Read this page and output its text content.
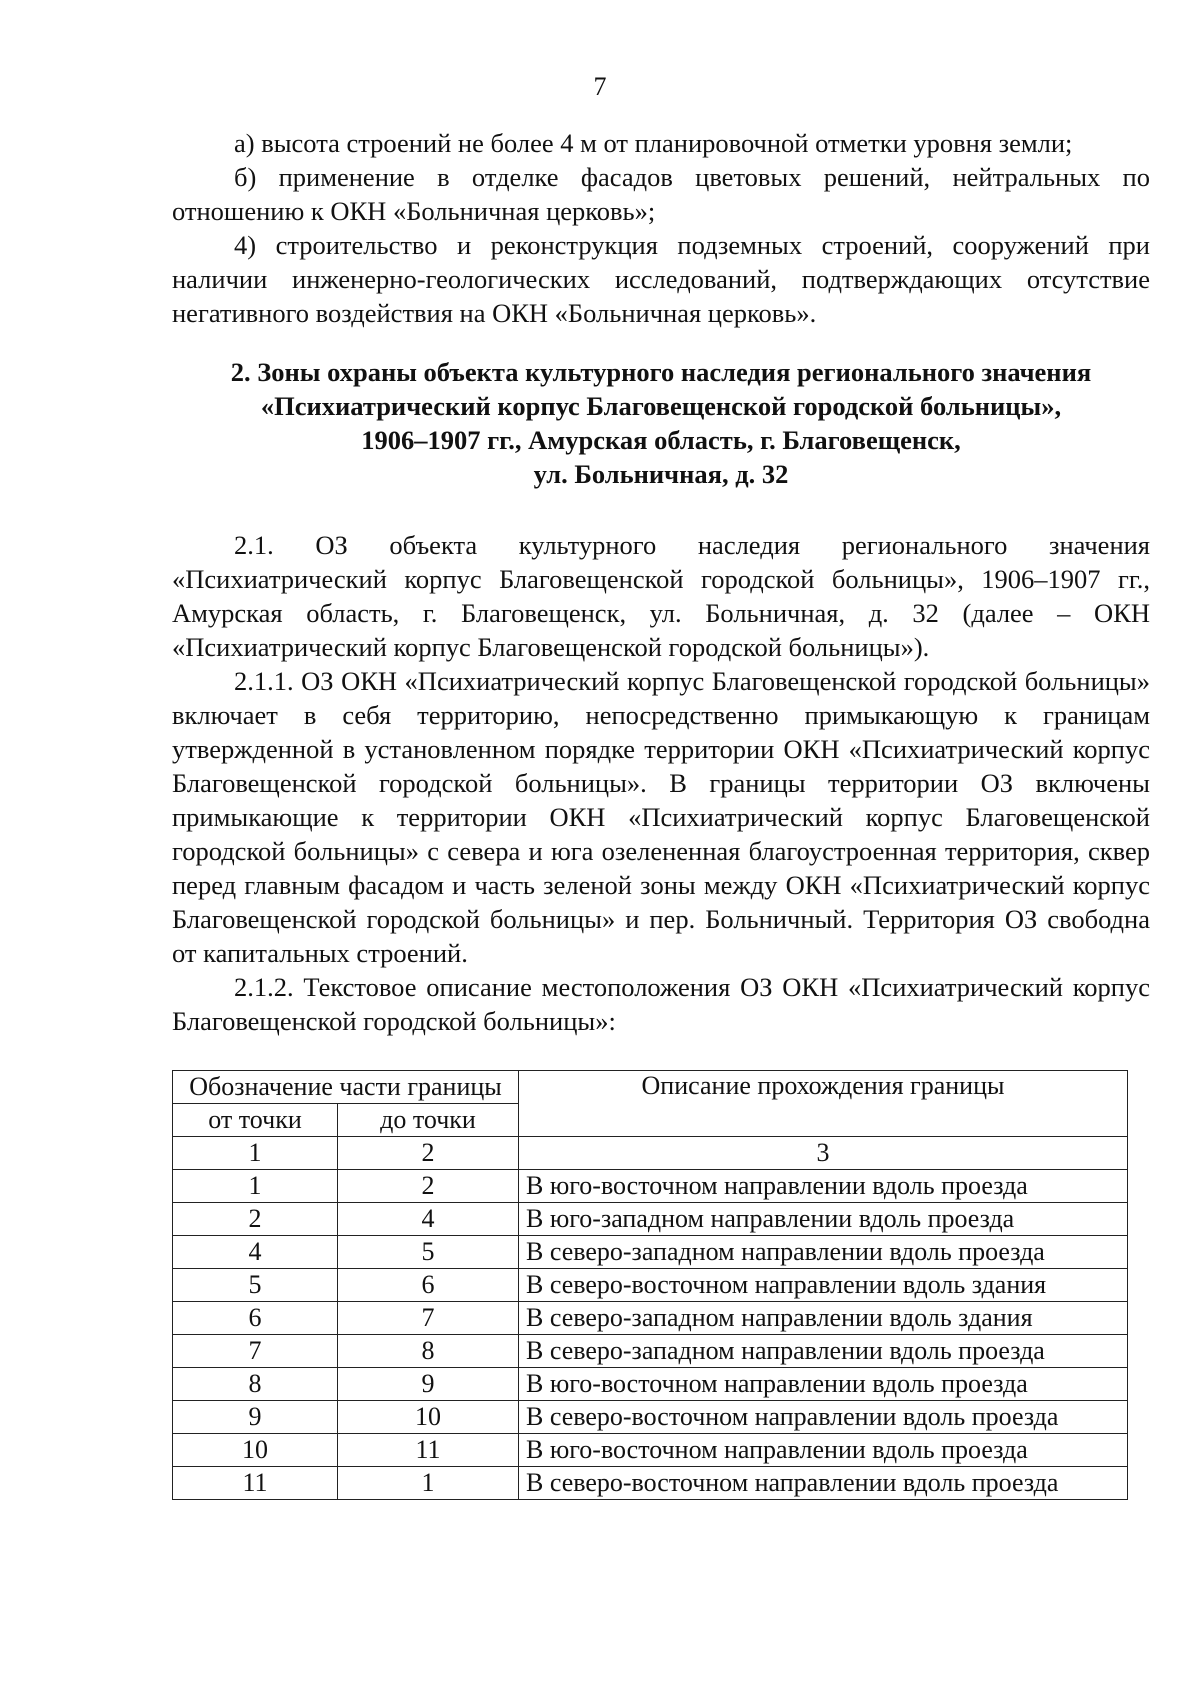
7

а) высота строений не более 4 м от планировочной отметки уровня земли;

б) применение в отделке фасадов цветовых решений, нейтральных по отношению к ОКН «Больничная церковь»;

4) строительство и реконструкция подземных строений, сооружений при наличии инженерно-геологических исследований, подтверждающих отсутствие негативного воздействия на ОКН «Больничная церковь».

2. Зоны охраны объекта культурного наследия регионального значения
«Психиатрический корпус Благовещенской городской больницы»,
1906–1907 гг., Амурская область, г. Благовещенск,
ул. Больничная, д. 32

2.1. ОЗ объекта культурного наследия регионального значения «Психиатрический корпус Благовещенской городской больницы», 1906–1907 гг., Амурская область, г. Благовещенск, ул. Больничная, д. 32 (далее – ОКН «Психиатрический корпус Благовещенской городской больницы»).

2.1.1. ОЗ ОКН «Психиатрический корпус Благовещенской городской больницы» включает в себя территорию, непосредственно примыкающую к границам утвержденной в установленном порядке территории ОКН «Психиатрический корпус Благовещенской городской больницы». В границы территории ОЗ включены примыкающие к территории ОКН «Психиатрический корпус Благовещенской городской больницы» с севера и юга озелененная благоустроенная территория, сквер перед главным фасадом и часть зеленой зоны между ОКН «Психиатрический корпус Благовещенской городской больницы» и пер. Больничный. Территория ОЗ свободна от капитальных строений.

2.1.2. Текстовое описание местоположения ОЗ ОКН «Психиатрический корпус Благовещенской городской больницы»:

Обозначение части границы		Описание прохождения границы
от точки	до точки	
1	2	3
1	2	В юго-восточном направлении вдоль проезда
2	4	В юго-западном направлении вдоль проезда
4	5	В северо-западном направлении вдоль проезда
5	6	В северо-восточном направлении вдоль здания
6	7	В северо-западном направлении вдоль здания
7	8	В северо-западном направлении вдоль проезда
8	9	В юго-восточном направлении вдоль проезда
9	10	В северо-восточном направлении вдоль проезда
10	11	В юго-восточном направлении вдоль проезда
11	1	В северо-восточном направлении вдоль проезда
